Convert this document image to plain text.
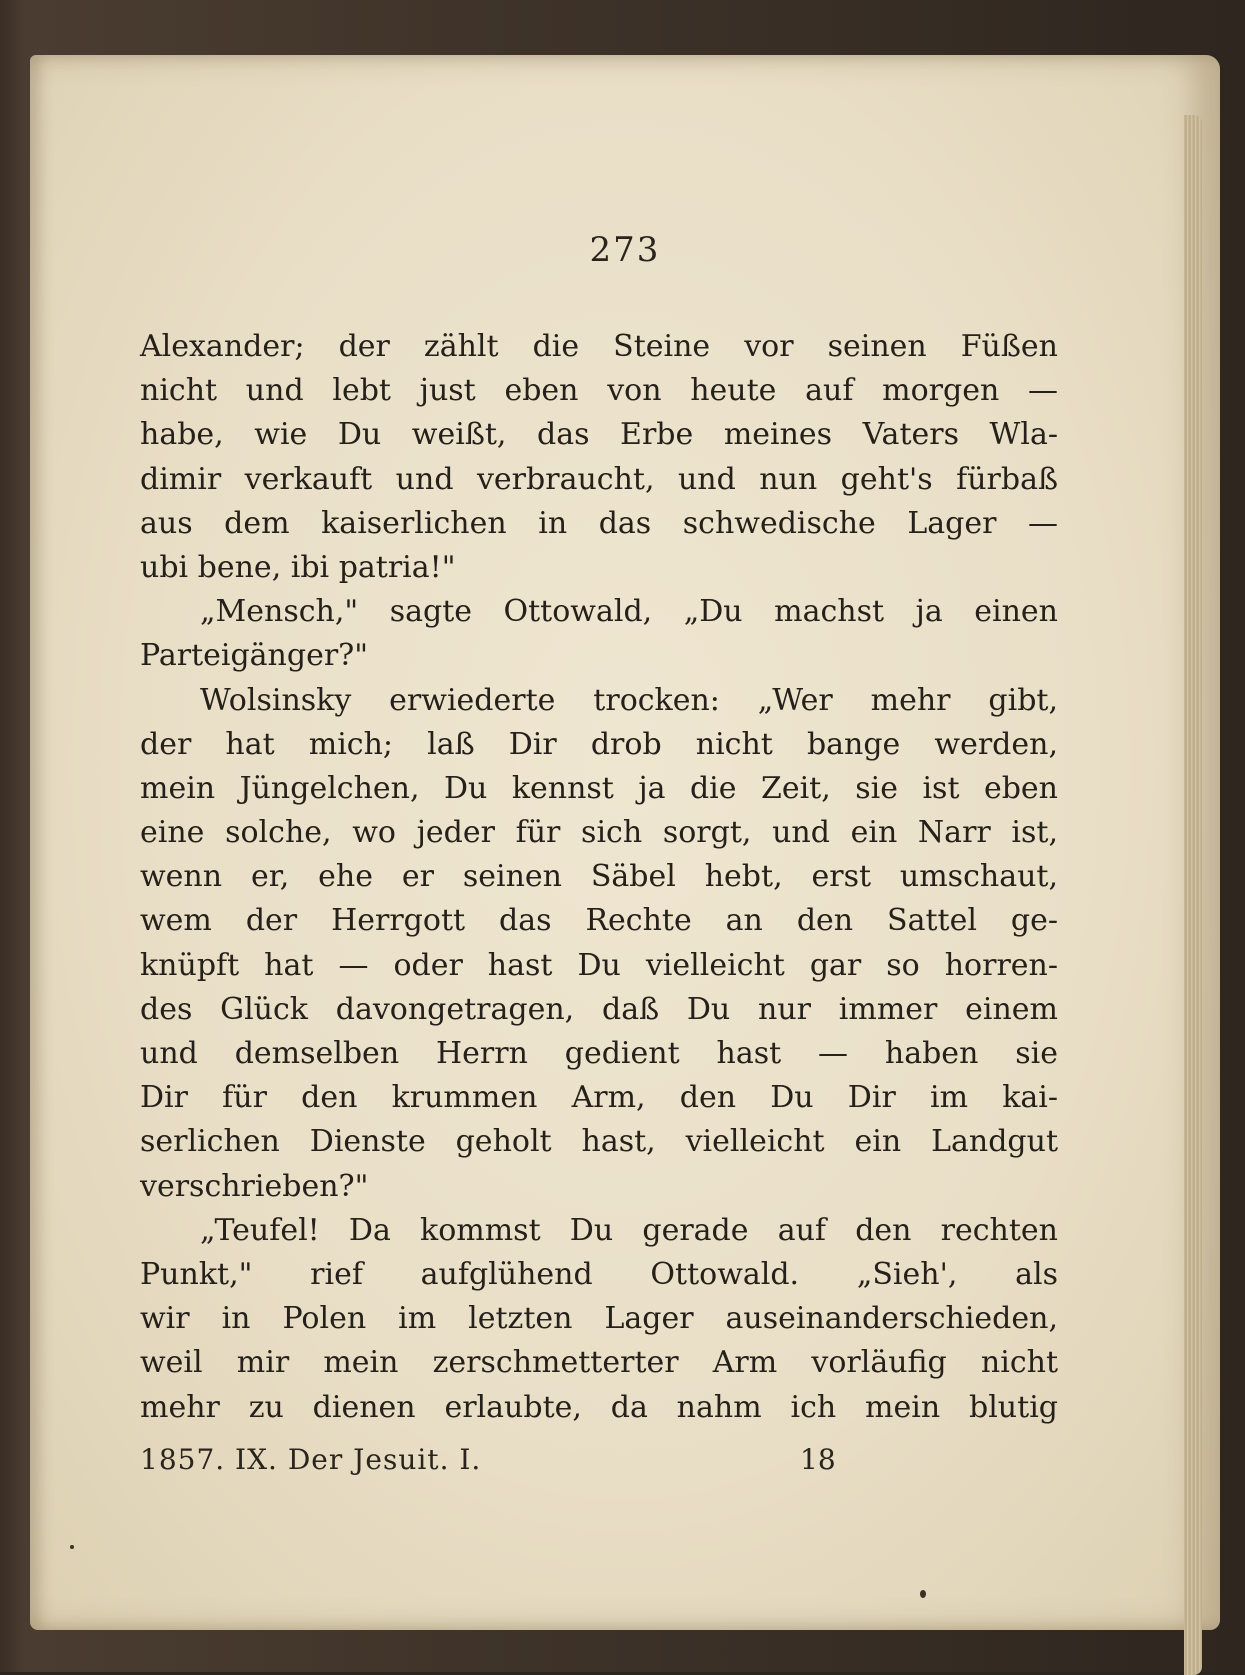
273
Alexander; der zählt die Steine vor seinen Füßen
nicht und lebt just eben von heute auf morgen —
habe, wie Du weißt, das Erbe meines Vaters Wla-
dimir verkauft und verbraucht, und nun geht's fürbaß
aus dem kaiserlichen in das schwedische Lager —
ubi bene, ibi patria!"
„Mensch," sagte Ottowald, „Du machst ja einen
Parteigänger?"
Wolsinsky erwiederte trocken: „Wer mehr gibt,
der hat mich; laß Dir drob nicht bange werden,
mein Jüngelchen, Du kennst ja die Zeit, sie ist eben
eine solche, wo jeder für sich sorgt, und ein Narr ist,
wenn er, ehe er seinen Säbel hebt, erst umschaut,
wem der Herrgott das Rechte an den Sattel ge-
knüpft hat — oder hast Du vielleicht gar so horren-
des Glück davongetragen, daß Du nur immer einem
und demselben Herrn gedient hast — haben sie
Dir für den krummen Arm, den Du Dir im kai-
serlichen Dienste geholt hast, vielleicht ein Landgut
verschrieben?"
„Teufel! Da kommst Du gerade auf den rechten
Punkt," rief aufglühend Ottowald. „Sieh', als
wir in Polen im letzten Lager auseinanderschieden,
weil mir mein zerschmetterter Arm vorläufig nicht
mehr zu dienen erlaubte, da nahm ich mein blutig
1857. IX. Der Jesuit. I.	18
